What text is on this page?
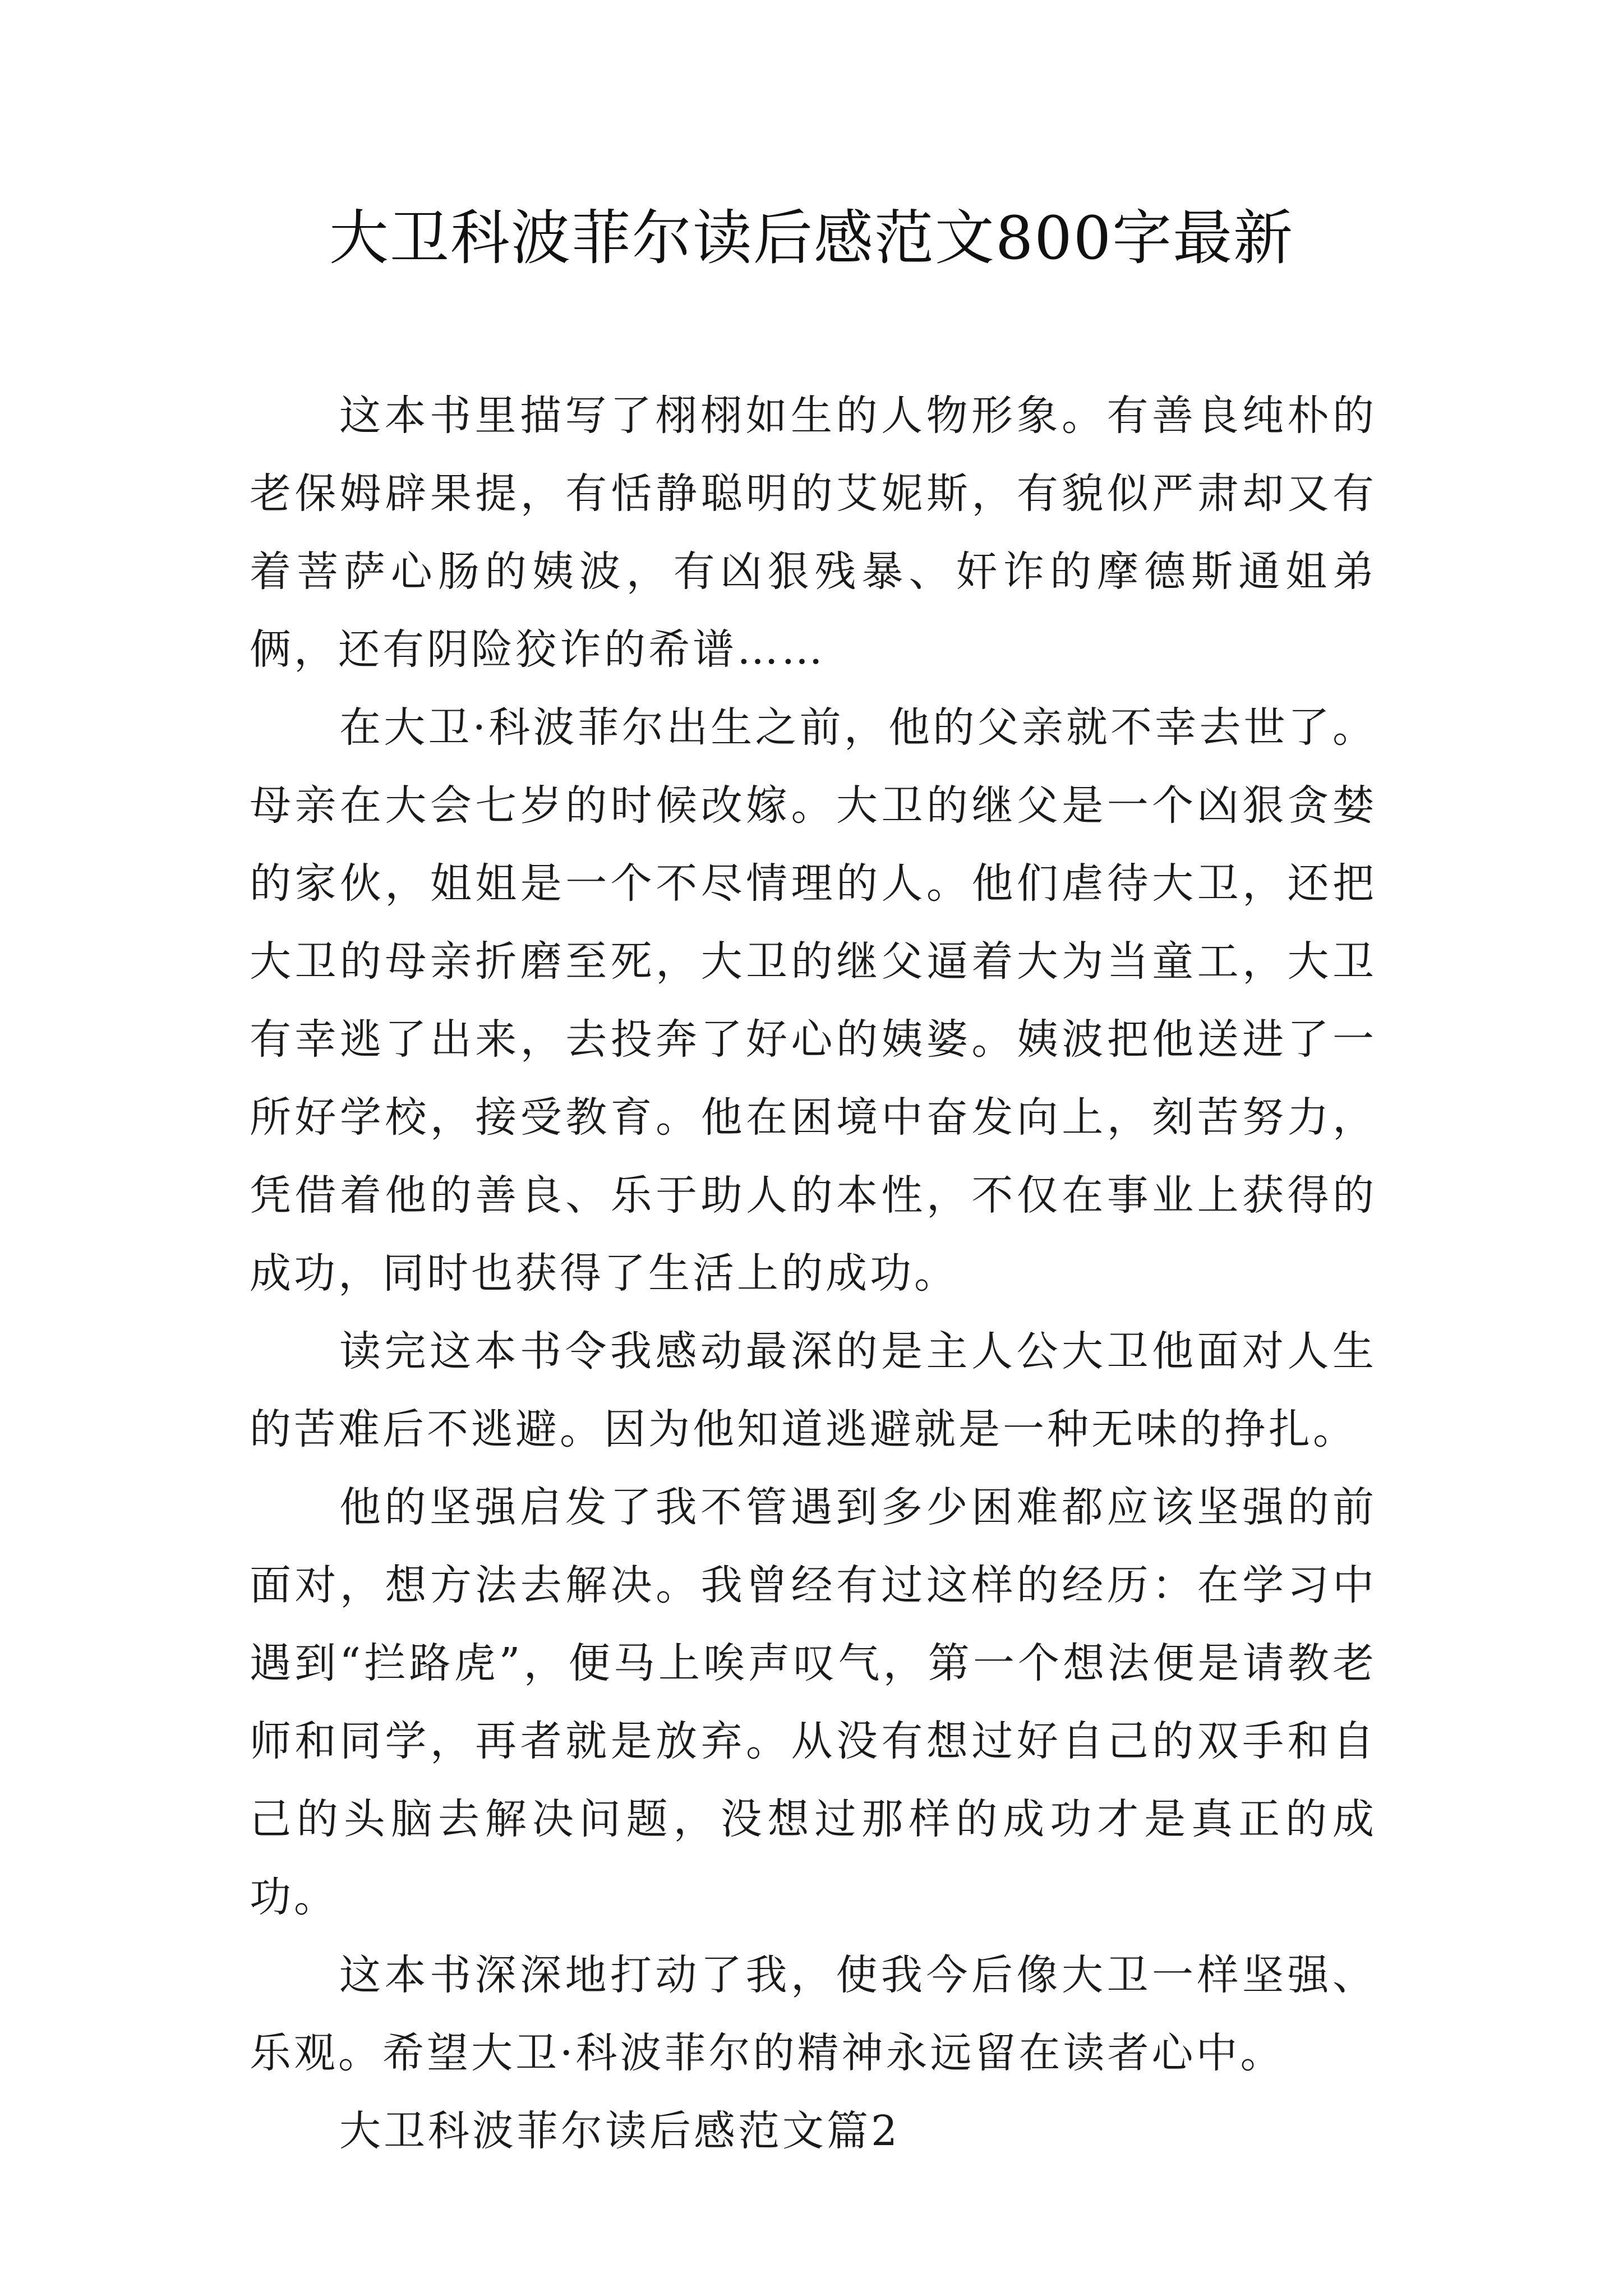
大卫科波菲尔读后感范文800字最新

这本书里描写了栩栩如生的人物形象。有善良纯朴的老保姆辟果提，有恬静聪明的艾妮斯，有貌似严肃却又有着菩萨心肠的姨波，有凶狠残暴、奸诈的摩德斯通姐弟俩，还有阴险狡诈的希谱……

在大卫·科波菲尔出生之前，他的父亲就不幸去世了。母亲在大会七岁的时候改嫁。大卫的继父是一个凶狠贪婪的家伙，姐姐是一个不尽情理的人。他们虐待大卫，还把大卫的母亲折磨至死，大卫的继父逼着大为当童工，大卫有幸逃了出来，去投奔了好心的姨婆。姨波把他送进了一所好学校，接受教育。他在困境中奋发向上，刻苦努力，凭借着他的善良、乐于助人的本性，不仅在事业上获得的成功，同时也获得了生活上的成功。

读完这本书令我感动最深的是主人公大卫他面对人生的苦难后不逃避。因为他知道逃避就是一种无味的挣扎。

他的坚强启发了我不管遇到多少困难都应该坚强的前面对，想方法去解决。我曾经有过这样的经历：在学习中遇到“拦路虎”，便马上唉声叹气，第一个想法便是请教老师和同学，再者就是放弃。从没有想过好自己的双手和自己的头脑去解决问题，没想过那样的成功才是真正的成功。

这本书深深地打动了我，使我今后像大卫一样坚强、乐观。希望大卫·科波菲尔的精神永远留在读者心中。

大卫科波菲尔读后感范文篇2
